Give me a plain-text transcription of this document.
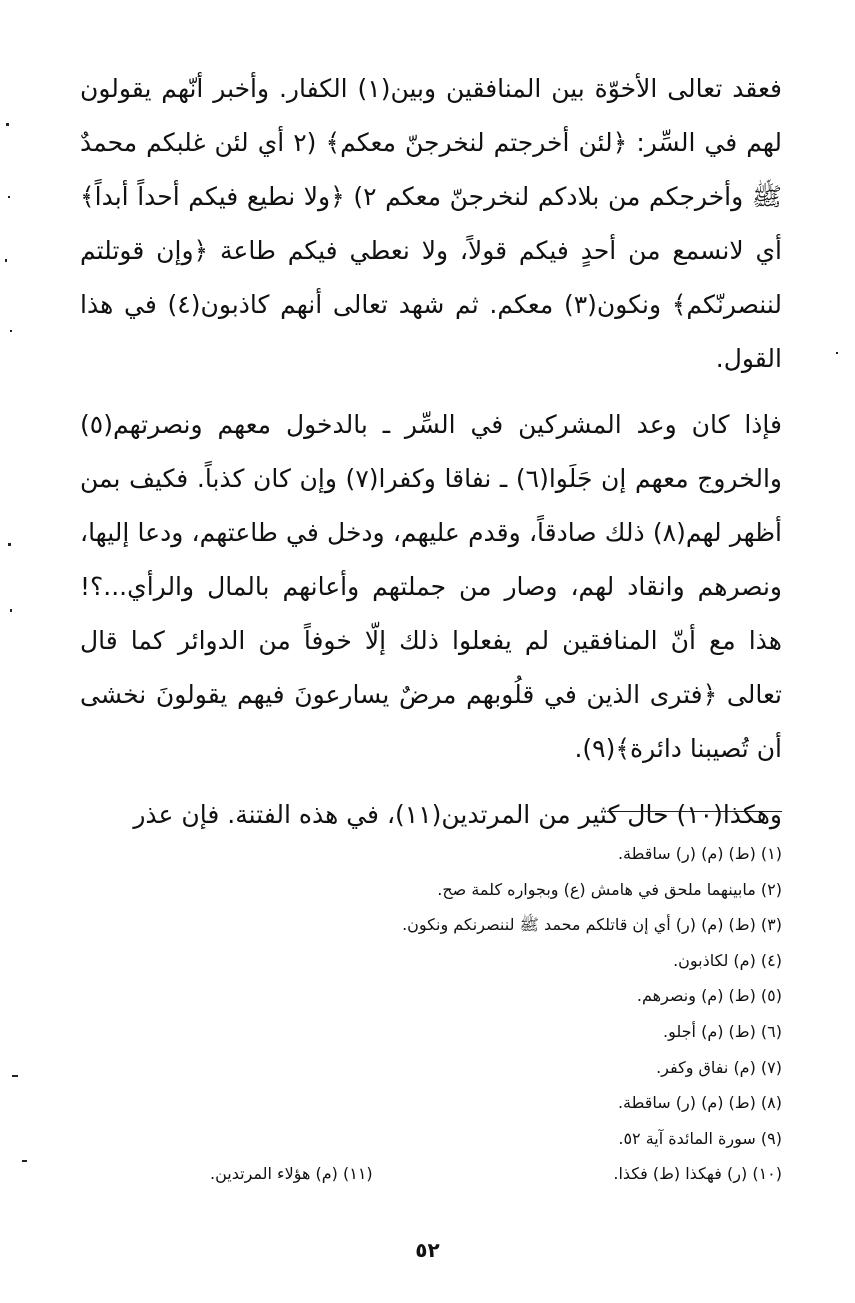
فعقد تعالى الأخوّة بين المنافقين وبين(١) الكفار. وأخبر أنّهم يقولون لهم في السِّر: ﴿لئن أخرجتم لنخرجنّ معكم﴾ (٢ أي لئن غلبكم محمدٌ ﷺ وأخرجكم من بلادكم لنخرجنّ معكم ٢) ﴿ولا نطيع فيكم أحداً أبداً﴾ أي لانسمع من أحدٍ فيكم قولاً، ولا نعطي فيكم طاعة ﴿وإن قوتلتم لننصرنّكم﴾ ونكون(٣) معكم. ثم شهد تعالى أنهم كاذبون(٤) في هذا القول.

فإذا كان وعد المشركين في السِّر ـ بالدخول معهم ونصرتهم(٥) والخروج معهم إن جَلَوا(٦) ـ نفاقا وكفرا(٧) وإن كان كذباً. فكيف بمن أظهر لهم(٨) ذلك صادقاً، وقدم عليهم، ودخل في طاعتهم، ودعا إليها، ونصرهم وانقاد لهم، وصار من جملتهم وأعانهم بالمال والرأي...؟! هذا مع أنّ المنافقين لم يفعلوا ذلك إلّا خوفاً من الدوائر كما قال تعالى ﴿فترى الذين في قلُوبهم مرضٌ يسارعونَ فيهم يقولونَ نخشى أن تُصيبنا دائرة﴾(٩).

وهكذا(١٠) حال كثير من المرتدين(١١)، في هذه الفتنة. فإن عذر

(١) (ط) (م) (ر) ساقطة.
(٢) مابينهما ملحق في هامش (ع) وبجواره كلمة صح.
(٣) (ط) (م) (ر) أي إن قاتلكم محمد ﷺ لننصرنكم ونكون.
(٤) (م) لكاذبون.
(٥) (ط) (م) ونصرهم.
(٦) (ط) (م) أجلو.
(٧) (م) نفاق وكفر.
(٨) (ط) (م) (ر) ساقطة.
(٩) سورة المائدة آية ٥٢.
(١٠) (ر) فهكذا (ط) فكذا.
(١١) (م) هؤلاء المرتدين.
٥٢
